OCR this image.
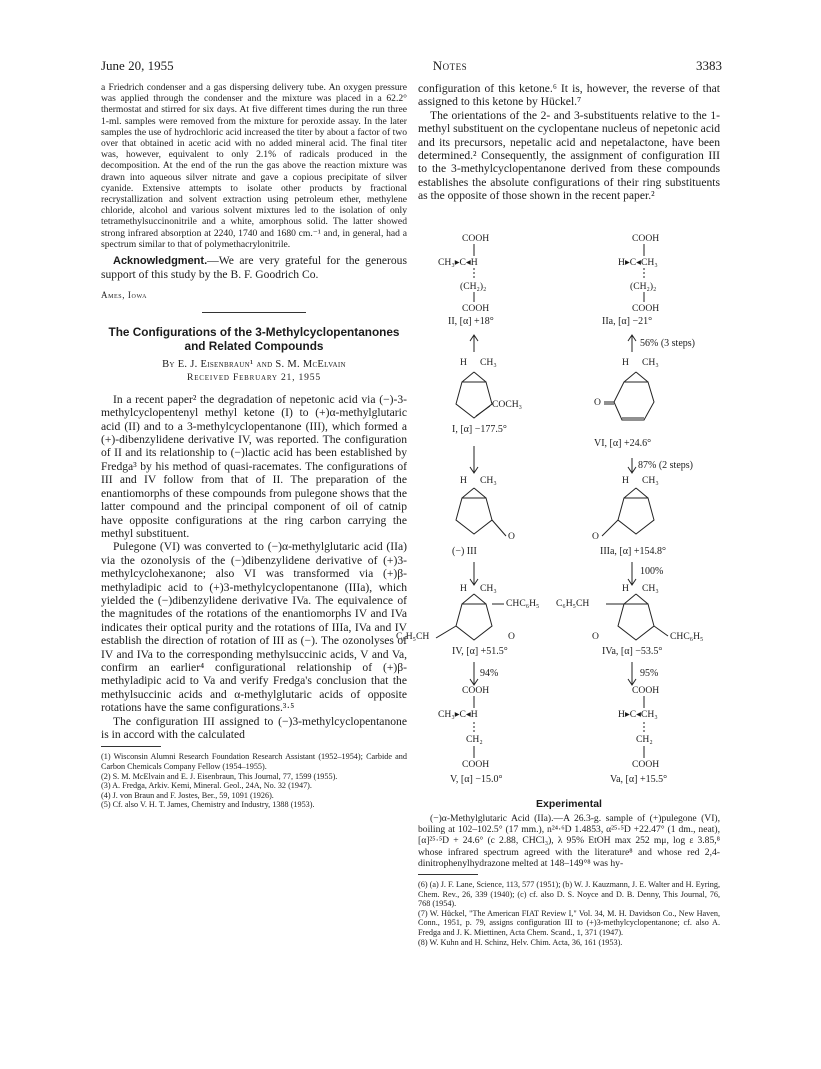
June 20, 1955	Notes	3383

a Friedrich condenser and a gas dispersing delivery tube. An oxygen pressure was applied through the condenser and the mixture was placed in a 62.2° thermostat and stirred for six days. At five different times during the run three 1-ml. samples were removed from the mixture for peroxide assay. In the later samples the use of hydrochloric acid increased the titer by about a factor of two over that obtained in acetic acid with no added mineral acid. The final titer was, however, equivalent to only 2.1% of radicals produced in the decomposition. At the end of the run the gas above the reaction mixture was drawn into aqueous silver nitrate and gave a copious precipitate of silver cyanide. Extensive attempts to isolate other products by fractional recrystallization and solvent extraction using petroleum ether, methylene chloride, alcohol and various solvent mixtures led to the isolation of only tetramethylsuccinonitrile and a white, amorphous solid. The latter showed strong infrared absorption at 2240, 1740 and 1680 cm.⁻¹ and, in general, had a spectrum similar to that of polymethacrylonitrile.

Acknowledgment.—We are very grateful for the generous support of this study by the B. F. Goodrich Co.

Ames, Iowa

The Configurations of the 3-Methylcyclopentanones

and Related Compounds

By E. J. Eisenbraun¹ and S. M. McElvain

Received February 21, 1955

In a recent paper² the degradation of nepetonic acid via (−)-3-methylcyclopentenyl methyl ketone (I) to (+)α-methylglutaric acid (II) and to a 3-methylcyclopentanone (III), which formed a (+)-dibenzylidene derivative IV, was reported. The configuration of II and its relationship to (−)lactic acid has been established by Fredga³ by his method of quasi-racemates. The configurations of III and IV follow from that of II. The preparation of the enantiomorphs of these compounds from pulegone shows that the latter compound and the principal component of oil of catnip have opposite configurations at the ring carbon carrying the methyl substituent.

Pulegone (VI) was converted to (−)α-methylglutaric acid (IIa) via the ozonolysis of the (−)dibenzylidene derivative of (+)3-methylcyclohexanone; also VI was transformed via (+)β-methyladipic acid to (+)3-methylcyclopentanone (IIIa), which yielded the (−)dibenzylidene derivative IVa. The equivalence of the magnitudes of the rotations of the enantiomorphs IV and IVa indicates their optical purity and the rotations of IIIa, IVa and IV establish the direction of rotation of III as (−). The ozonolyses of IV and IVa to the corresponding methylsuccinic acids, V and Va, confirm an earlier⁴ configurational relationship of (+)β-methyladipic acid to Va and verify Fredga's conclusion that the methylsuccinic acids and α-methylglutaric acids of opposite rotations have the same configurations.³·⁵

The configuration III assigned to (−)3-methylcyclopentanone is in accord with the calculated

(1) Wisconsin Alumni Research Foundation Research Assistant (1952–1954); Carbide and Carbon Chemicals Company Fellow (1954–1955).

(2) S. M. McElvain and E. J. Eisenbraun, This Journal, 77, 1599 (1955).

(3) A. Fredga, Arkiv. Kemi, Mineral. Geol., 24A, No. 32 (1947).

(4) J. von Braun and F. Jostes, Ber., 59, 1091 (1926).

(5) Cf. also V. H. T. James, Chemistry and Industry, 1388 (1953).

configuration of this ketone.⁶ It is, however, the reverse of that assigned to this ketone by Hückel.⁷

The orientations of the 2- and 3-substituents relative to the 1-methyl substituent on the cyclopentane nucleus of nepetonic acid and its precursors, nepetalic acid and nepetalactone, have been determined.² Consequently, the assignment of configuration III to the 3-methylcyclopentanone derived from these compounds establishes the absolute configurations of their ring substituents as the opposite of those shown in the recent paper.²

COOH
CH₃▸C◂H
(CH₂)₂
COOH
II, [α] +18°
COOH
H▸C◂CH₃
(CH₂)₂
COOH
IIa, [α] −21°
56% (3 steps)
H CH₃
COCH₃
I, [α] −177.5°
H CH₃
O
VI, [α] +24.6°
87% (2 steps)
H CH₃
O
(−) III
H CH₃
O
IIIa, [α] +154.8°
100%
H CH₃
CHC₆H₅
C₆H₅CH	O
IV, [α] +51.5°
94%
H CH₃
C₆H₅CH
O	CHC₆H₅
IVa, [α] −53.5°
95%
COOH
CH₃▸C◂H
CH₂
COOH
V, [α] −15.0°
COOH
H▸C◂CH₃
CH₂
COOH
Va, [α] +15.5°

Experimental

(−)α-Methylglutaric Acid (IIa).—A 26.3-g. sample of (+)pulegone (VI), boiling at 102–102.5° (17 mm.), n²⁴·⁶D 1.4853, α²⁵·⁵D +22.47° (1 dm., neat), [α]²⁵·⁵D + 24.6° (c 2.88, CHCl₃), λ 95% EtOH max 252 mμ, log ε 3.85,⁸ whose infrared spectrum agreed with the literature⁸ and whose red 2,4-dinitrophenylhydrazone melted at 148–149°⁸ was hy-

(6) (a) J. F. Lane, Science, 113, 577 (1951); (b) W. J. Kauzmann, J. E. Walter and H. Eyring, Chem. Rev., 26, 339 (1940); (c) cf. also D. S. Noyce and D. B. Denny, This Journal, 76, 768 (1954).

(7) W. Hückel, "The American FIAT Review I," Vol. 34, M. H. Davidson Co., New Haven, Conn., 1951, p. 79, assigns configuration III to (+)3-methylcyclopentanone; cf. also A. Fredga and J. K. Miettinen, Acta Chem. Scand., 1, 371 (1947).

(8) W. Kuhn and H. Schinz, Helv. Chim. Acta, 36, 161 (1953).
